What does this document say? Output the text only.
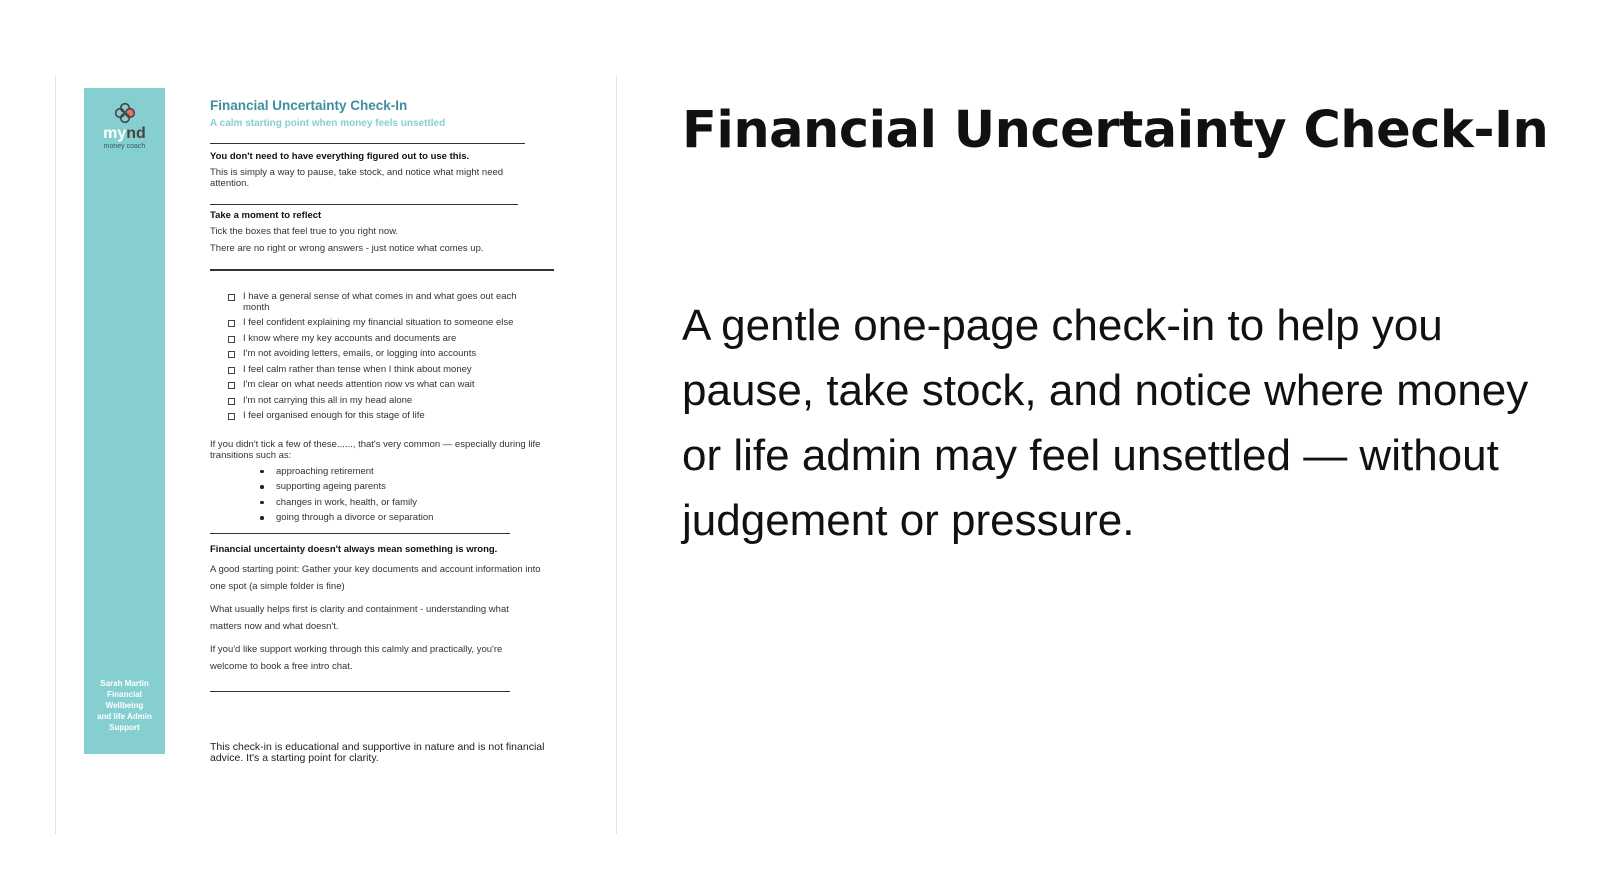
mynd
money coach
Sarah Martin
Financial
Wellbeing
and life Admin
Support
Financial Uncertainty Check-In
A calm starting point when money feels unsettled
You don't need to have everything figured out to use this.

This is simply a way to pause, take stock, and notice what might need attention.

Take a moment to reflect

Tick the boxes that feel true to you right now.

There are no right or wrong answers - just notice what comes up.

I have a general sense of what comes in and what goes out each month
I feel confident explaining my financial situation to someone else
I know where my key accounts and documents are
I'm not avoiding letters, emails, or logging into accounts
I feel calm rather than tense when I think about money
I'm clear on what needs attention now vs what can wait
I'm not carrying this all in my head alone
I feel organised enough for this stage of life

If you didn't tick a few of these......, that's very common — especially during life transitions such as:

approaching retirement
supporting ageing parents
changes in work, health, or family
going through a divorce or separation
Financial uncertainty doesn't always mean something is wrong.

A good starting point: Gather your key documents and account information into one spot (a simple folder is fine)

What usually helps first is clarity and containment - understanding what matters now and what doesn't.

If you'd like support working through this calmly and practically, you're welcome to book a free intro chat.

This check-in is educational and supportive in nature and is not financial advice. It's a starting point for clarity.
Financial Uncertainty Check-In

A gentle one-page check-in to help you pause, take stock, and notice where money or life admin may feel unsettled — without judgement or pressure.
